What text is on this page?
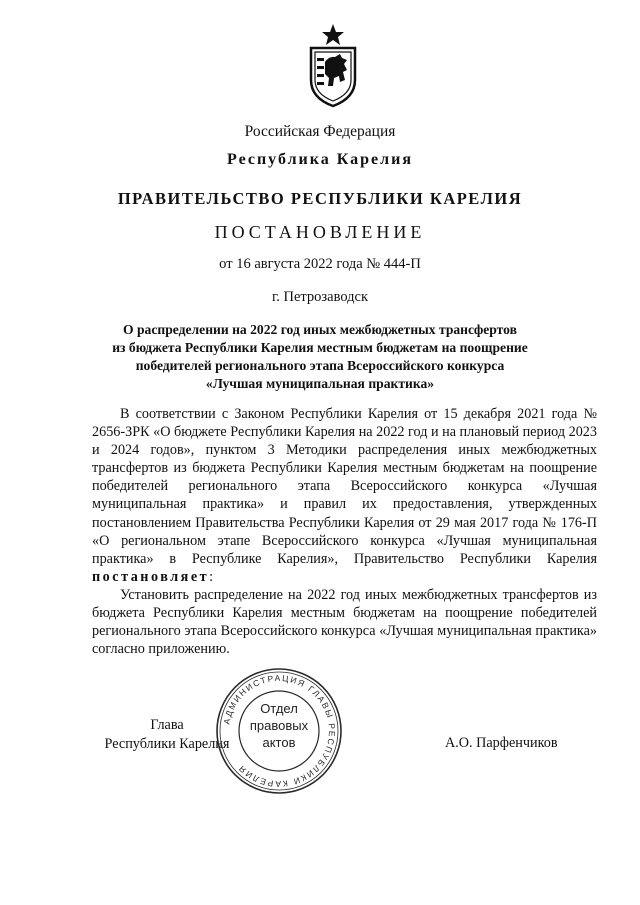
Российская Федерация
Республика Карелия
ПРАВИТЕЛЬСТВО РЕСПУБЛИКИ КАРЕЛИЯ
ПОСТАНОВЛЕНИЕ
от 16 августа 2022 года № 444-П
г. Петрозаводск
О распределении на 2022 год иных межбюджетных трансфертов
из бюджета Республики Карелия местным бюджетам на поощрение
победителей регионального этапа Всероссийского конкурса
«Лучшая муниципальная практика»

В соответствии с Законом Республики Карелия от 15 декабря 2021 года № 2656-ЗРК «О бюджете Республики Карелия на 2022 год и на плановый период 2023 и 2024 годов», пунктом 3 Методики распределения иных межбюджетных трансфертов из бюджета Республики Карелия местным бюджетам на поощрение победителей регионального этапа Всероссийского конкурса «Лучшая муниципальная практика» и правил их предоставления, утвержденных постановлением Правительства Республики Карелия от 29 мая 2017 года № 176-П «О региональном этапе Всероссийского конкурса «Лучшая муниципальная практика» в Республике Карелия», Правительство Республики Карелия постановляет:

Установить распределение на 2022 год иных межбюджетных трансфертов из бюджета Республики Карелия местным бюджетам на поощрение победителей регионального этапа Всероссийского конкурса «Лучшая муниципальная практика» согласно приложению.

Глава
Республики Карелия
АДМИНИСТРАЦИЯ ГЛАВЫ РЕСПУБЛИКИ КАРЕЛИЯ
Отдел
правовых
актов	А.О. Парфенчиков
